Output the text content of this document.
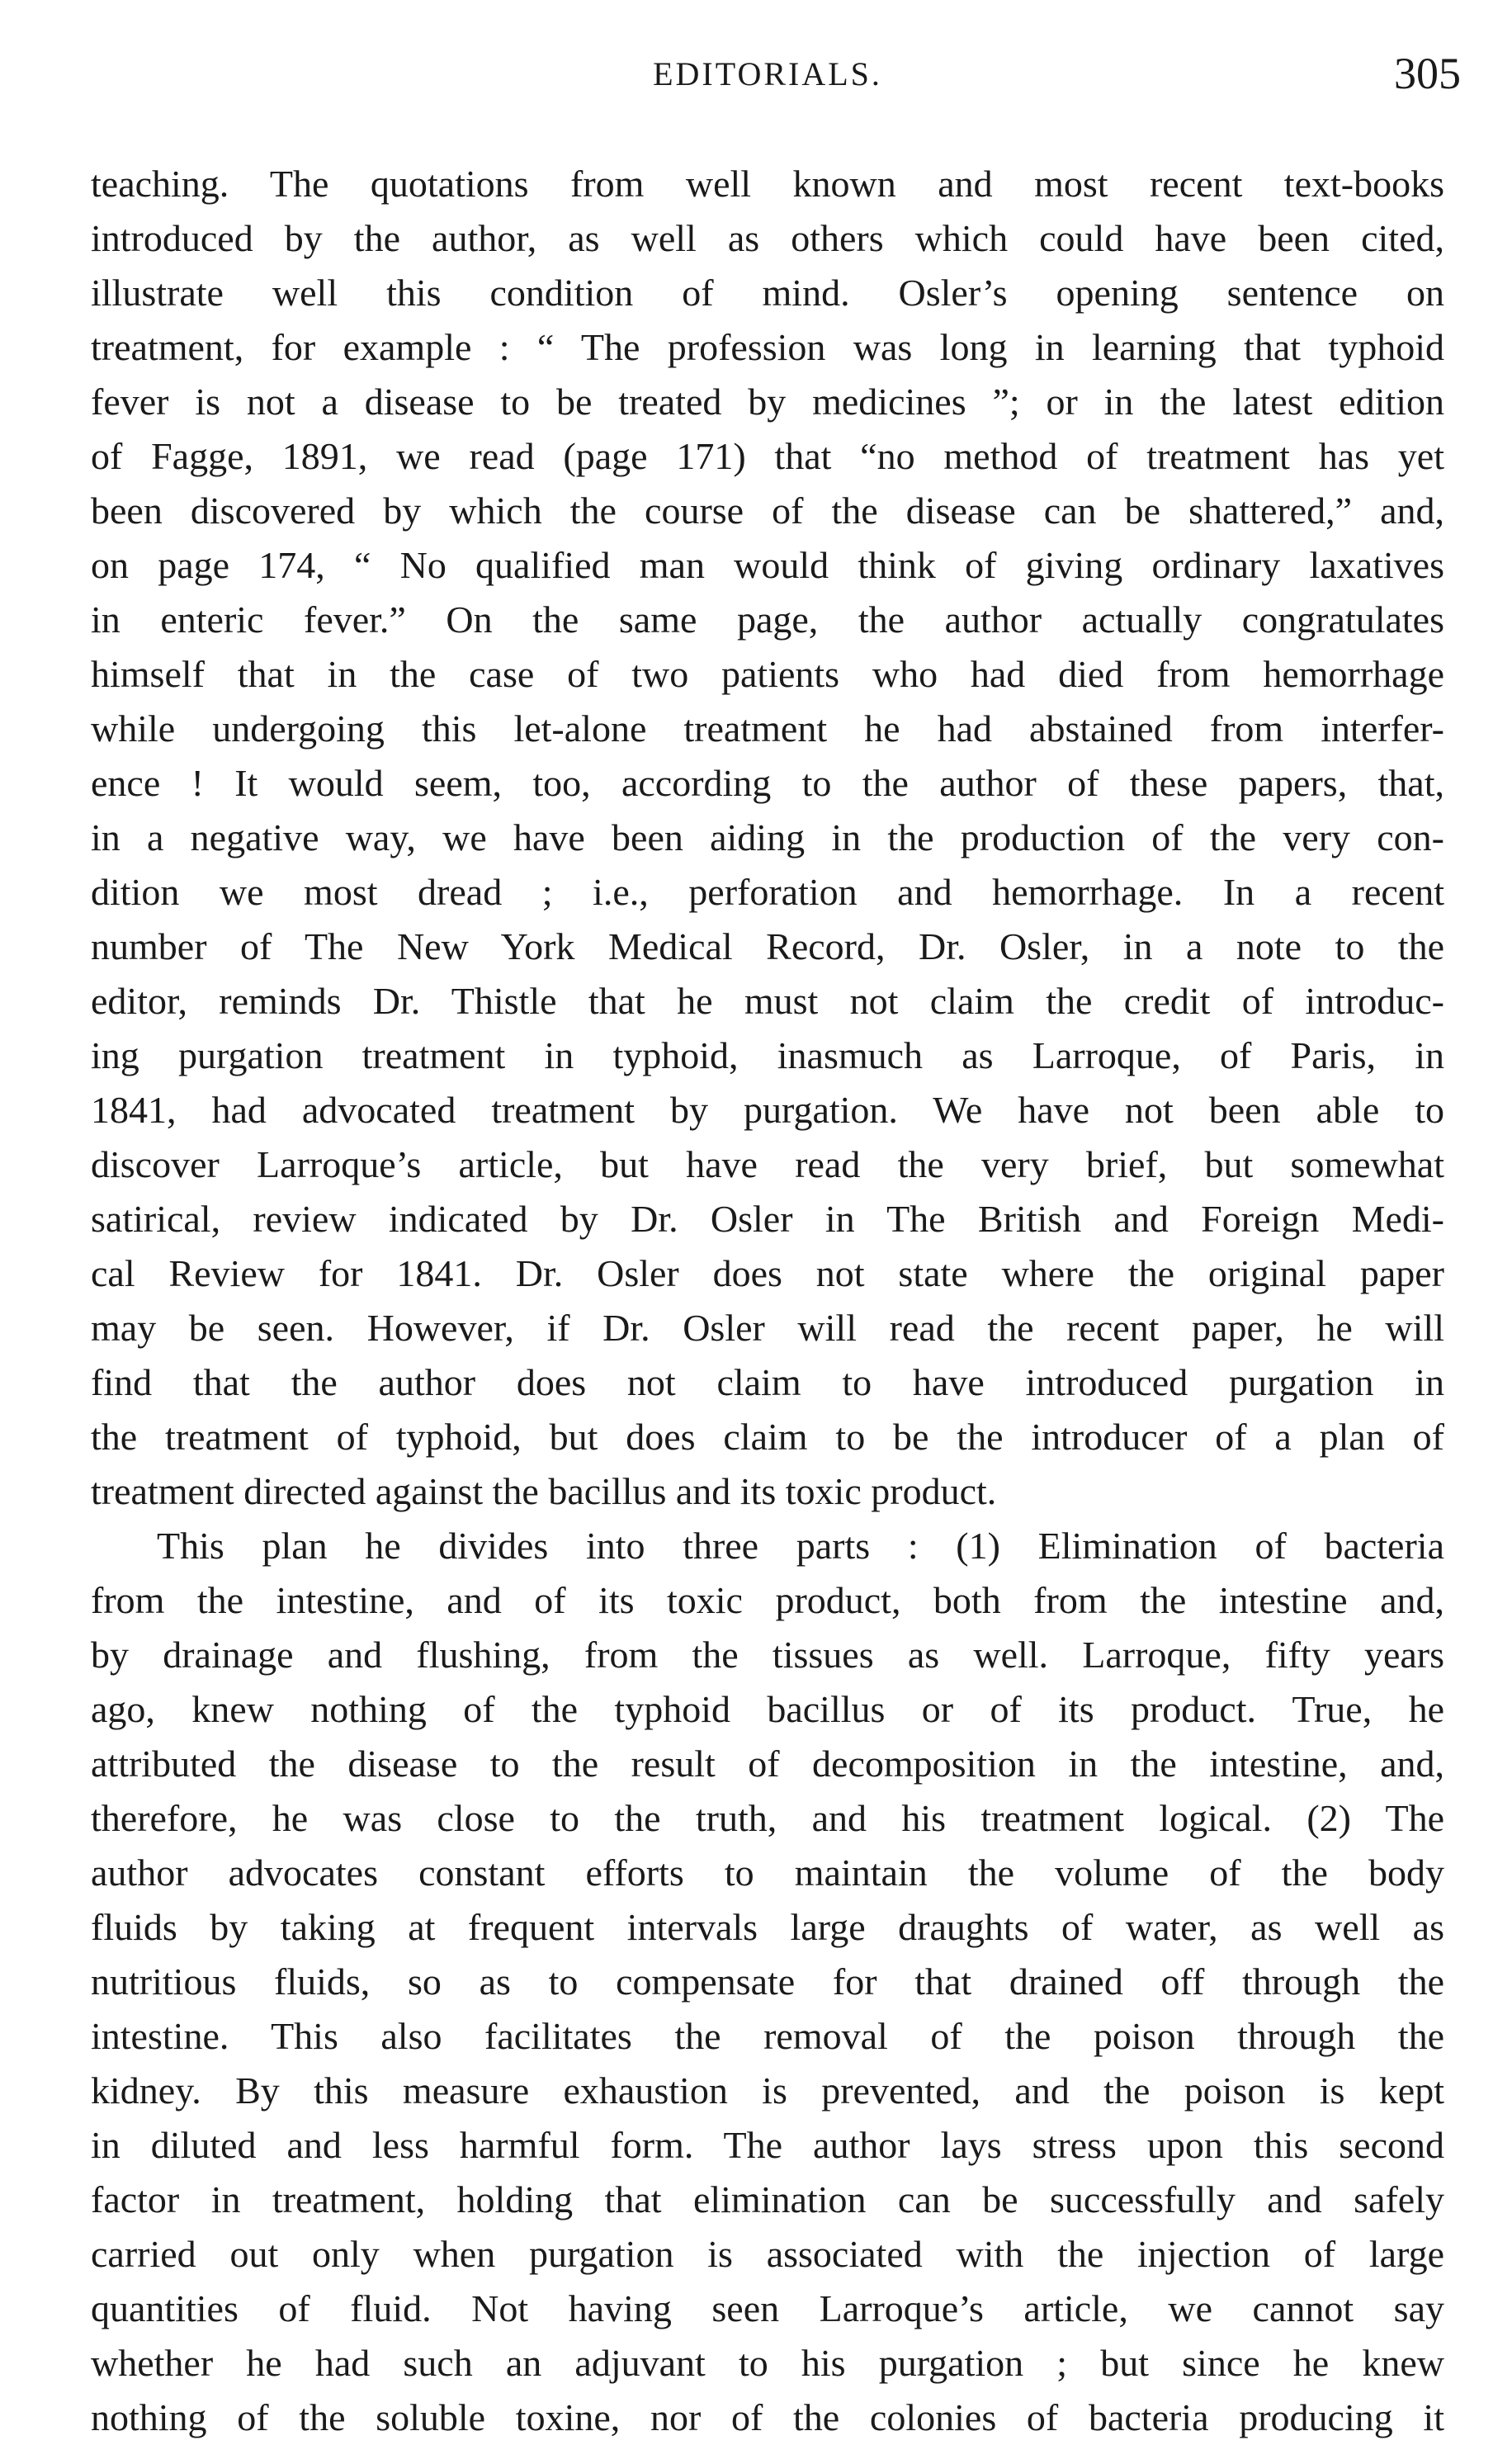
EDITORIALS.	305
teaching. The quotations from well known and most recent text-books
introduced by the author, as well as others which could have been cited,
illustrate well this condition of mind. Osler’s opening sentence on
treatment, for example : “ The profession was long in learning that typhoid
fever is not a disease to be treated by medicines ”; or in the latest edition
of Fagge, 1891, we read (page 171) that “no method of treatment has yet
been discovered by which the course of the disease can be shattered,” and,
on page 174, “ No qualified man would think of giving ordinary laxatives
in enteric fever.” On the same page, the author actually congratulates
himself that in the case of two patients who had died from hemorrhage
while undergoing this let-alone treatment he had abstained from interfer-
ence ! It would seem, too, according to the author of these papers, that,
in a negative way, we have been aiding in the production of the very con-
dition we most dread ; i.e., perforation and hemorrhage. In a recent
number of The New York Medical Record, Dr. Osler, in a note to the
editor, reminds Dr. Thistle that he must not claim the credit of introduc-
ing purgation treatment in typhoid, inasmuch as Larroque, of Paris, in
1841, had advocated treatment by purgation. We have not been able to
discover Larroque’s article, but have read the very brief, but somewhat
satirical, review indicated by Dr. Osler in The British and Foreign Medi-
cal Review for 1841. Dr. Osler does not state where the original paper
may be seen. However, if Dr. Osler will read the recent paper, he will
find that the author does not claim to have introduced purgation in
the treatment of typhoid, but does claim to be the introducer of a plan of
treatment directed against the bacillus and its toxic product.
This plan he divides into three parts : (1) Elimination of bacteria
from the intestine, and of its toxic product, both from the intestine and,
by drainage and flushing, from the tissues as well. Larroque, fifty years
ago, knew nothing of the typhoid bacillus or of its product. True, he
attributed the disease to the result of decomposition in the intestine, and,
therefore, he was close to the truth, and his treatment logical. (2) The
author advocates constant efforts to maintain the volume of the body
fluids by taking at frequent intervals large draughts of water, as well as
nutritious fluids, so as to compensate for that drained off through the
intestine. This also facilitates the removal of the poison through the
kidney. By this measure exhaustion is prevented, and the poison is kept
in diluted and less harmful form. The author lays stress upon this second
factor in treatment, holding that elimination can be successfully and safely
carried out only when purgation is associated with the injection of large
quantities of fluid. Not having seen Larroque’s article, we cannot say
whether he had such an adjuvant to his purgation ; but since he knew
nothing of the soluble toxine, nor of the colonies of bacteria producing it
